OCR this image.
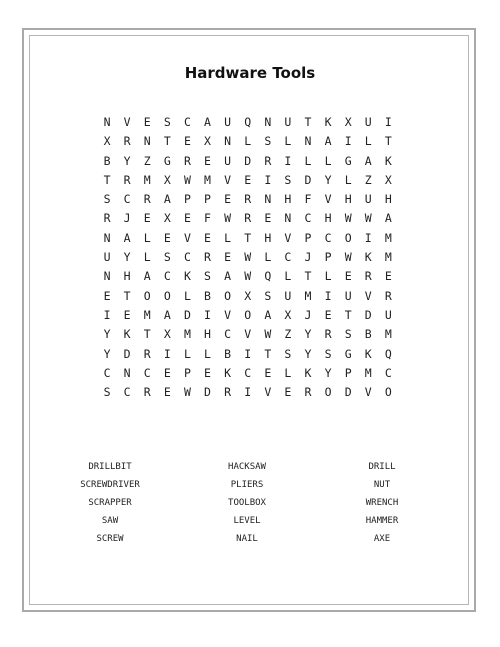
Hardware Tools
N V E S C A U Q N U T K X U I
X R N T E X N L S L N A I L T
B Y Z G R E U D R I L L G A K
T R M X W M V E I S D Y L Z X
S C R A P P E R N H F V H U H
R J E X E F W R E N C H W W A
N A L E V E L T H V P C O I M
U Y L S C R E W L C J P W K M
N H A C K S A W Q L T L E R E
E T O O L B O X S U M I U V R
I E M A D I V O A X J E T D U
Y K T X M H C V W Z Y R S B M
Y D R I L L B I T S Y S G K Q
C N C E P E K C E L K Y P M C
S C R E W D R I V E R O D V O
DRILLBIT	HACKSAW	DRILL
SCREWDRIVER	PLIERS	NUT
SCRAPPER	TOOLBOX	WRENCH
SAW	LEVEL	HAMMER
SCREW	NAIL	AXE
